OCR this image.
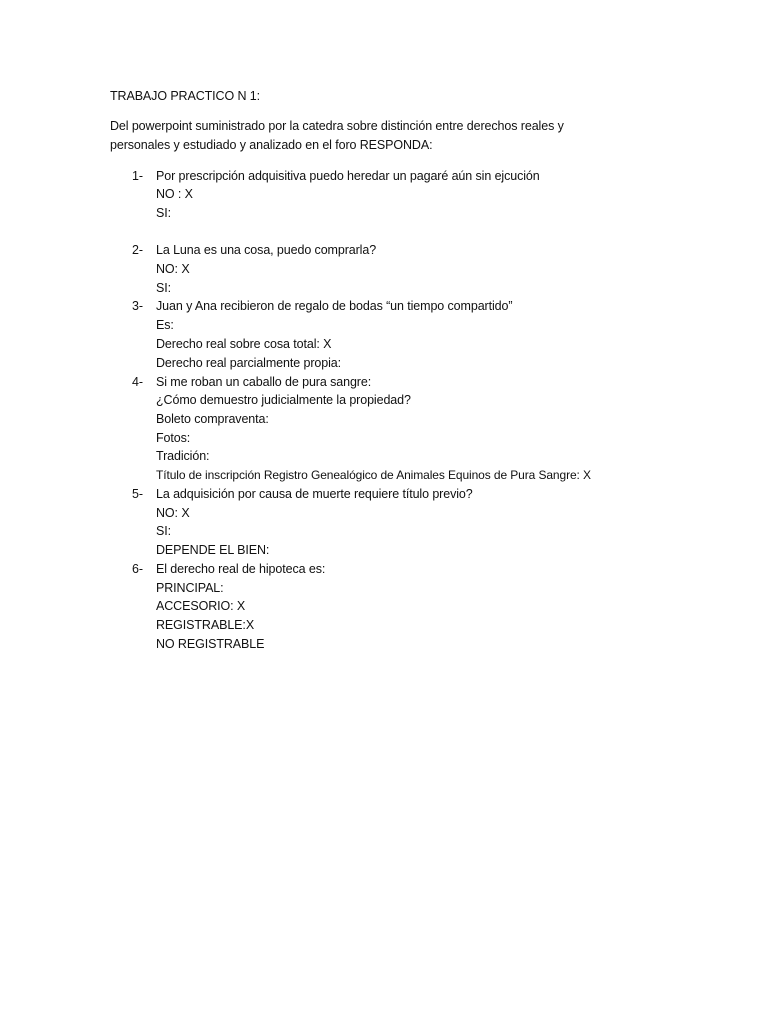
TRABAJO PRACTICO N 1:
Del powerpoint suministrado por la catedra sobre distinción entre derechos reales y
personales y estudiado y analizado en el foro RESPONDA:
1- Por prescripción adquisitiva puedo heredar un pagaré aún sin ejcución
NO : X
SI:
2- La Luna es una cosa, puedo comprarla?
NO: X
SI:
3- Juan y Ana recibieron de regalo de bodas “un tiempo compartido”
Es:
Derecho real sobre cosa total: X
Derecho real parcialmente propia:
4- Si me roban un caballo de pura sangre:
¿Cómo demuestro judicialmente la propiedad?
Boleto compraventa:
Fotos:
Tradición:
Título de inscripción Registro Genealógico de Animales Equinos de Pura Sangre: X
5- La adquisición por causa de muerte requiere título previo?
NO: X
SI:
DEPENDE EL BIEN:
6- El derecho real de hipoteca es:
PRINCIPAL:
ACCESORIO: X
REGISTRABLE:X
NO REGISTRABLE
